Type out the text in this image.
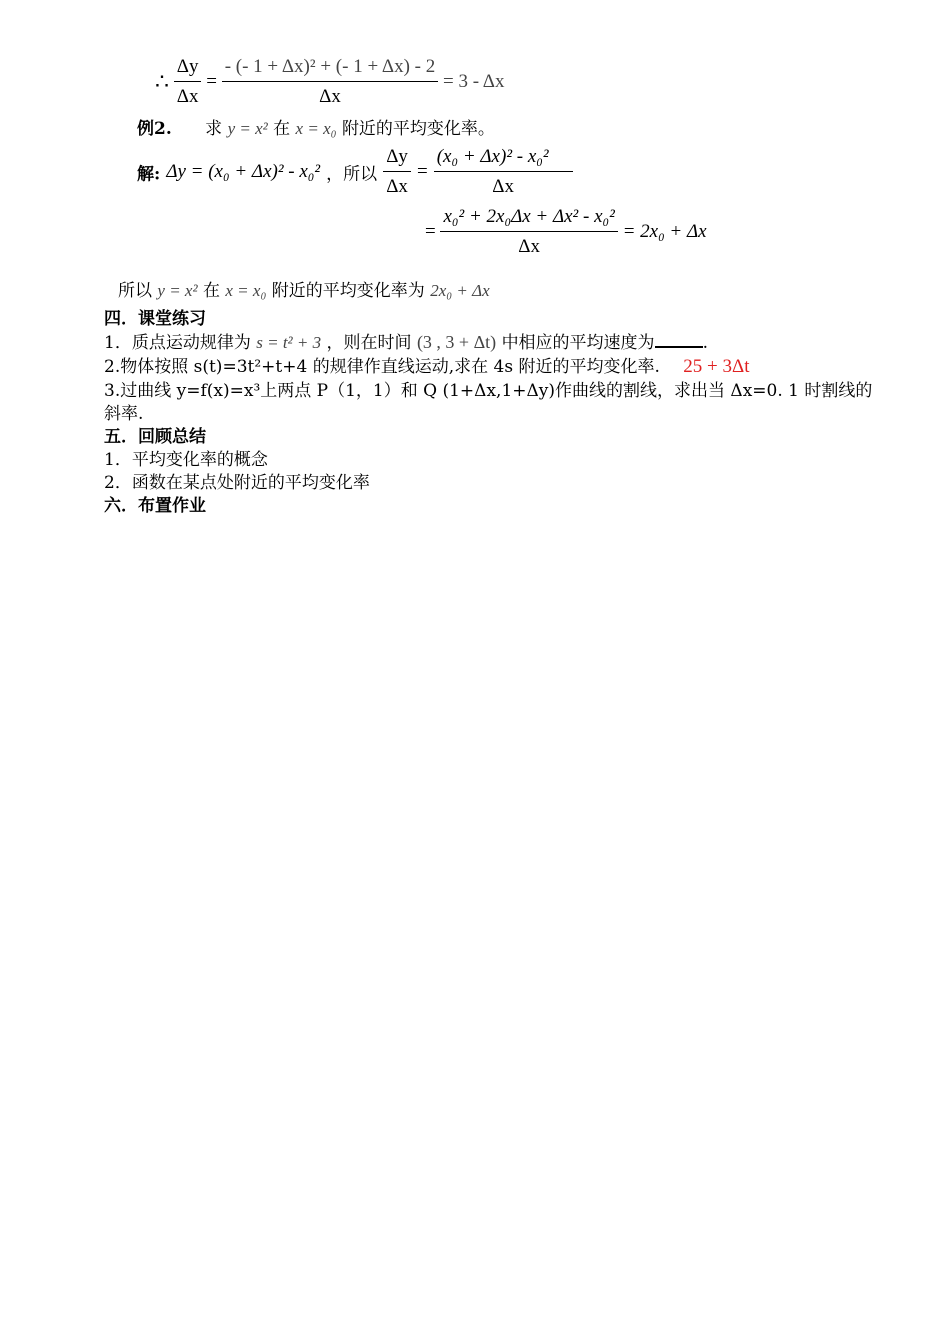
∴ $\frac{\Delta y}{\Delta x} = \frac{\text{- (- 1 + Δx)² + (- 1 + Δx) - 2}}{\Delta x} = 3 - \Delta x$
例2. 求 y = x² 在 x = x₀ 附近的平均变化率。
解: Δy = (x₀ + Δx)² - x₀² ，所以 $\frac{\Delta y}{\Delta x} = \frac{\text{(x₀ + Δx)² - x₀²}}{\Delta x}$
= $\frac{\text{x₀² + 2x₀Δx + Δx² - x₀²}}{\Delta x} = 2x_0 + \Delta x$
所以 y = x² 在 x = x₀ 附近的平均变化率为 2x₀ + Δx
四．课堂练习
1．质点运动规律为 s = t² + 3 ，则在时间 (3 , 3 + Δt) 中相应的平均速度为	.
2.物体按照 s(t)=3t²+t+4 的规律作直线运动,求在 4s 附近的平均变化率. 25 + 3Δt
3.过曲线 y=f(x)=x³上两点 P（1，1）和 Q (1+Δx,1+Δy)作曲线的割线，求出当 Δx=0. 1 时割线的
斜率.
五．回顾总结
1．平均变化率的概念
2．函数在某点处附近的平均变化率
六．布置作业
